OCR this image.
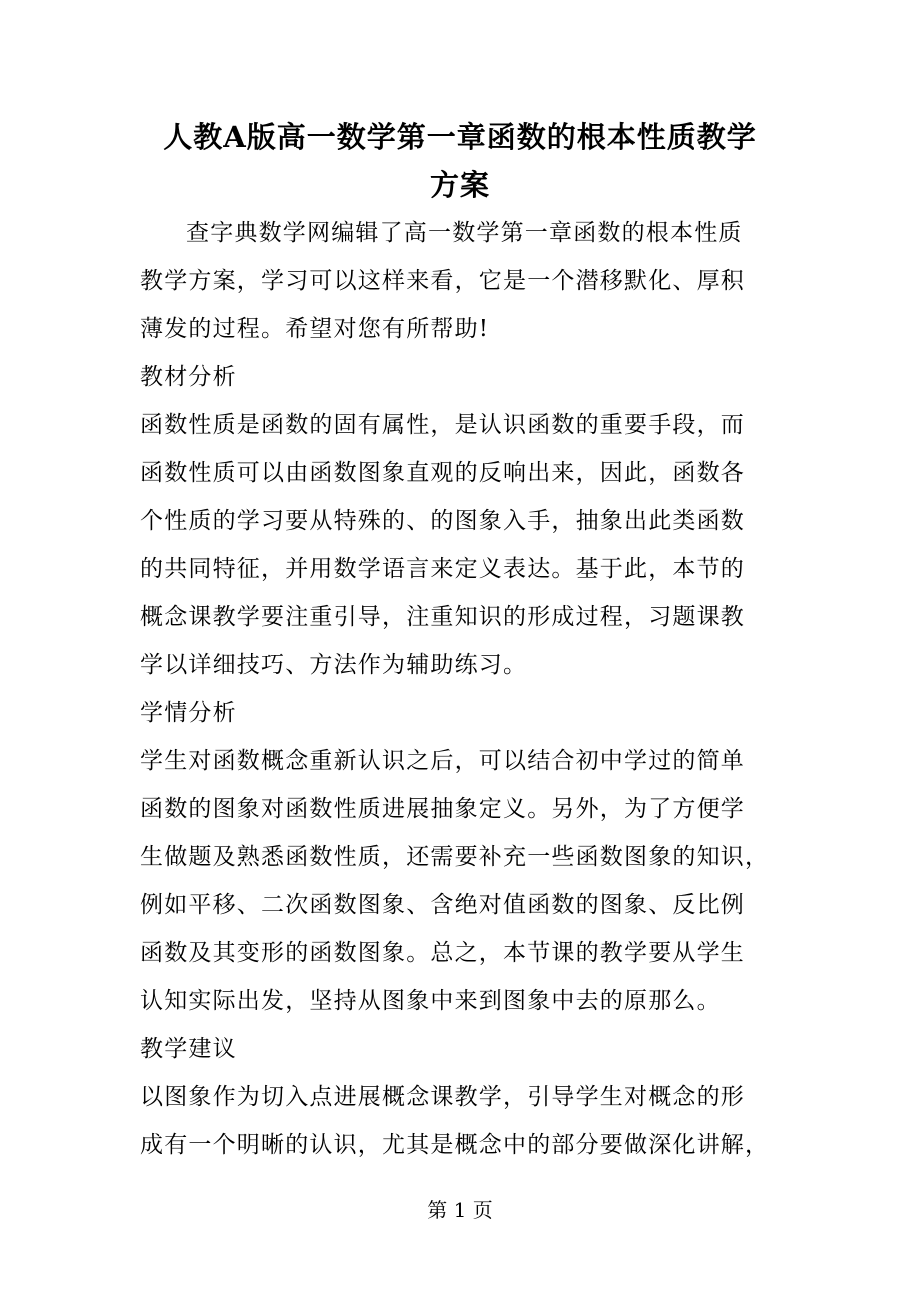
人教A版高一数学第一章函数的根本性质教学
方案
查字典数学网编辑了高一数学第一章函数的根本性质
教学方案，学习可以这样来看，它是一个潜移默化、厚积
薄发的过程。希望对您有所帮助!
教材分析
函数性质是函数的固有属性，是认识函数的重要手段，而
函数性质可以由函数图象直观的反响出来，因此，函数各
个性质的学习要从特殊的、的图象入手，抽象出此类函数
的共同特征，并用数学语言来定义表达。基于此，本节的
概念课教学要注重引导，注重知识的形成过程，习题课教
学以详细技巧、方法作为辅助练习。
学情分析
学生对函数概念重新认识之后，可以结合初中学过的简单
函数的图象对函数性质进展抽象定义。另外，为了方便学
生做题及熟悉函数性质，还需要补充一些函数图象的知识，
例如平移、二次函数图象、含绝对值函数的图象、反比例
函数及其变形的函数图象。总之，本节课的教学要从学生
认知实际出发，坚持从图象中来到图象中去的原那么。
教学建议
以图象作为切入点进展概念课教学，引导学生对概念的形
成有一个明晰的认识，尤其是概念中的部分要做深化讲解，
第 1 页
